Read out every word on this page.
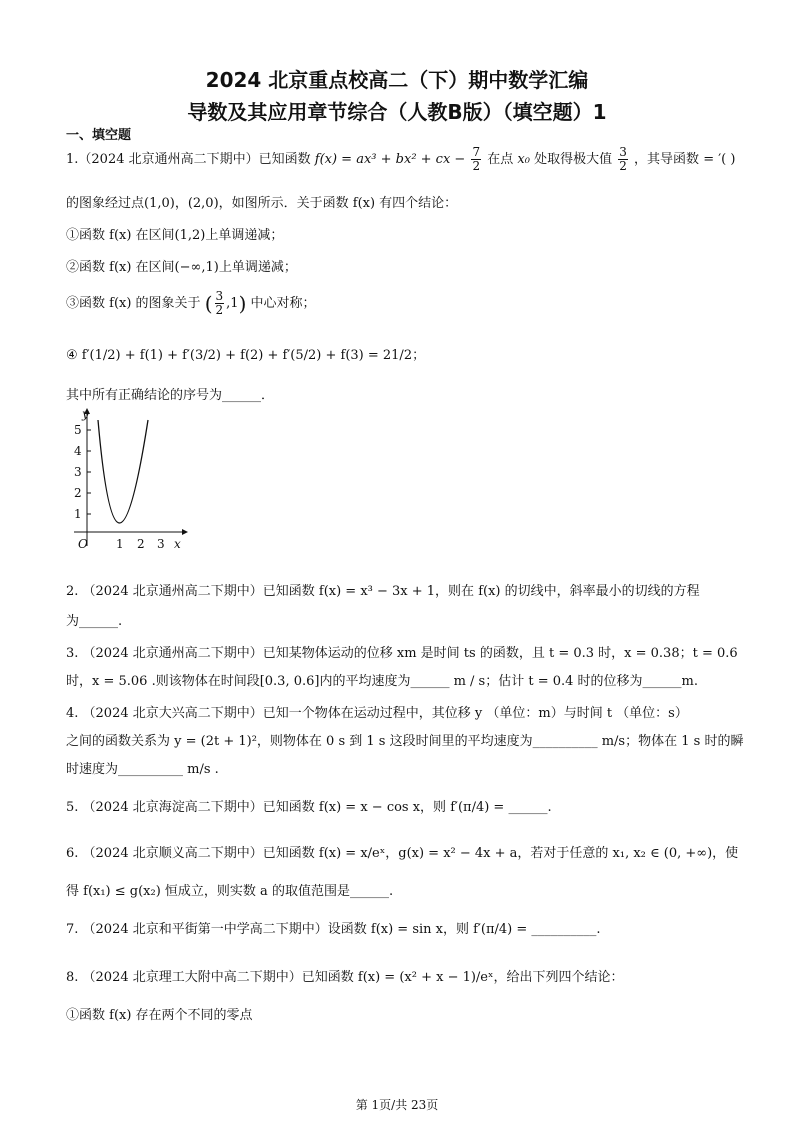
2024 北京重点校高二（下）期中数学汇编
导数及其应用章节综合（人教B版）（填空题）1
一、填空题
1.（2024 北京通州高二下期中）已知函数 f(x) = ax³ + bx² + cx − $\frac{7}{2}$ 在点 x₀ 处取得极大值 $\frac{3}{2}$ ，其导函数 = ′( )
的图象经过点(1,0)，(2,0)，如图所示．关于函数 f(x) 有四个结论：
①函数 f(x) 在区间(1,2)上单调递减；
②函数 f(x) 在区间(−∞,1)上单调递减；
③函数 f(x) 的图象关于 ( $\frac{3}{2} ,1$) 中心对称；
④ f′(1/2) + f(1) + f′(3/2) + f(2) + f′(5/2) + f(3) = 21/2；
其中所有正确结论的序号为______．
5
4
3
2
1
y
O 1 2 3 x
2. （2024 北京通州高二下期中）已知函数 f(x) = x³ − 3x + 1，则在 f(x) 的切线中，斜率最小的切线的方程
为______.
3. （2024 北京通州高二下期中）已知某物体运动的位移 xm 是时间 ts 的函数，且 t = 0.3 时，x = 0.38；t = 0.6
时，x = 5.06 .则该物体在时间段[0.3, 0.6]内的平均速度为______ m / s；估计 t = 0.4 时的位移为______m.
4. （2024 北京大兴高二下期中）已知一个物体在运动过程中，其位移 y （单位：m）与时间 t （单位：s）
之间的函数关系为 y = (2t + 1)²，则物体在 0 s 到 1 s 这段时间里的平均速度为__________ m/s；物体在 1 s 时的瞬
时速度为__________ m/s .
5. （2024 北京海淀高二下期中）已知函数 f(x) = x − cos x，则 f′(π/4) = ______.
6. （2024 北京顺义高二下期中）已知函数 f(x) = x/eˣ，g(x) = x² − 4x + a，若对于任意的 x₁, x₂ ∈ (0, +∞)，使
得 f(x₁) ≤ g(x₂) 恒成立，则实数 a 的取值范围是______.
7. （2024 北京和平街第一中学高二下期中）设函数 f(x) = sin x，则 f′(π/4) = __________.
8. （2024 北京理工大附中高二下期中）已知函数 f(x) = (x² + x − 1)/eˣ，给出下列四个结论：
①函数 f(x) 存在两个不同的零点
第 1页/共 23页
